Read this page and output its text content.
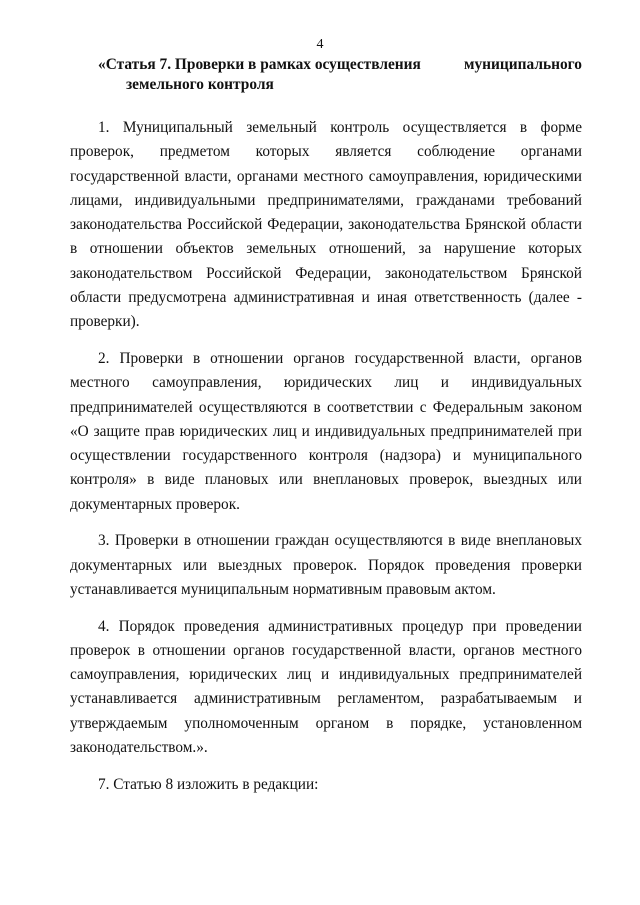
4
«Статья 7. Проверки в рамках осуществления	муниципального
земельного контроля

1. Муниципальный земельный контроль осуществляется в форме проверок, предметом которых является соблюдение органами государственной власти, органами местного самоуправления, юридическими лицами, индивидуальными предпринимателями, гражданами требований законодательства Российской Федерации, законодательства Брянской области в отношении объектов земельных отношений, за нарушение которых законодательством Российской Федерации, законодательством Брянской области предусмотрена административная и иная ответственность (далее - проверки).

2. Проверки в отношении органов государственной власти, органов местного самоуправления, юридических лиц и индивидуальных предпринимателей осуществляются в соответствии с Федеральным законом «О защите прав юридических лиц и индивидуальных предпринимателей при осуществлении государственного контроля (надзора) и муниципального контроля» в виде плановых или внеплановых проверок, выездных или документарных проверок.

3. Проверки в отношении граждан осуществляются в виде внеплановых документарных или выездных проверок. Порядок проведения проверки устанавливается муниципальным нормативным правовым актом.

4. Порядок проведения административных процедур при проведении проверок в отношении органов государственной власти, органов местного самоуправления, юридических лиц и индивидуальных предпринимателей устанавливается административным регламентом, разрабатываемым и утверждаемым уполномоченным органом в порядке, установленном законодательством.».

7. Статью 8 изложить в редакции:
